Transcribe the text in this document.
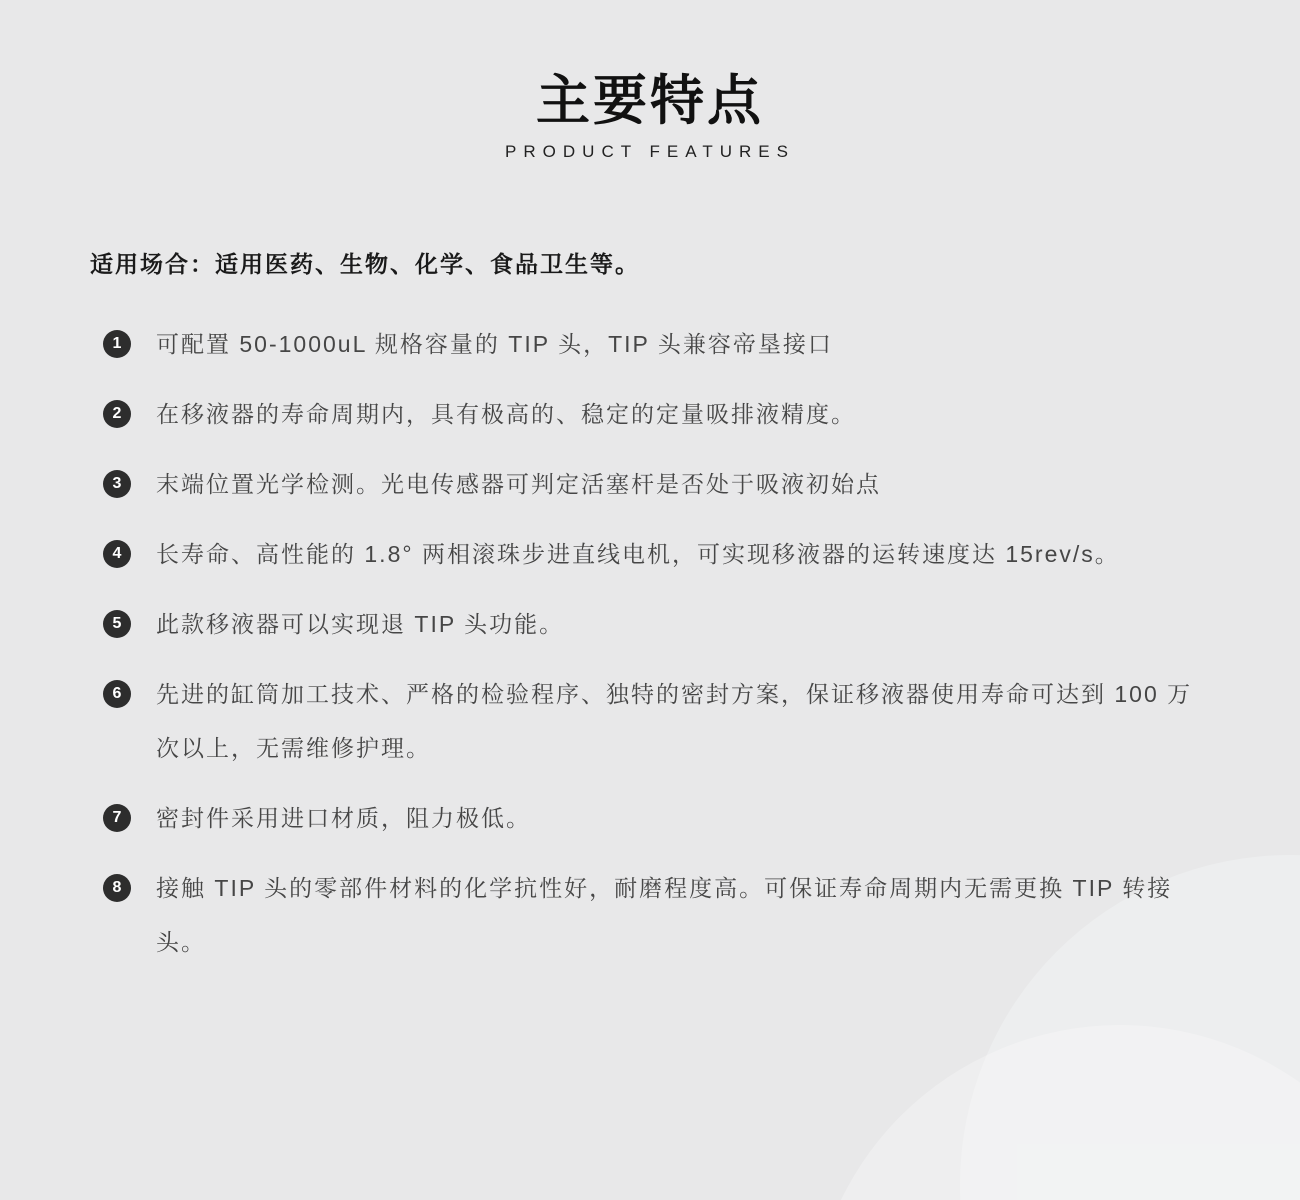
主要特点
PRODUCT FEATURES
适用场合：适用医药、生物、化学、食品卫生等。
1	可配置 50-1000uL 规格容量的 TIP 头，TIP 头兼容帝垦接口
2	在移液器的寿命周期内，具有极高的、稳定的定量吸排液精度。
3	末端位置光学检测。光电传感器可判定活塞杆是否处于吸液初始点
4	长寿命、高性能的 1.8° 两相滚珠步进直线电机，可实现移液器的运转速度达 15rev/s。
5	此款移液器可以实现退 TIP 头功能。
6	先进的缸筒加工技术、严格的检验程序、独特的密封方案，保证移液器使用寿命可达到 100 万次以上，无需维修护理。
7	密封件采用进口材质，阻力极低。
8	接触 TIP 头的零部件材料的化学抗性好，耐磨程度高。可保证寿命周期内无需更换 TIP 转接头。
